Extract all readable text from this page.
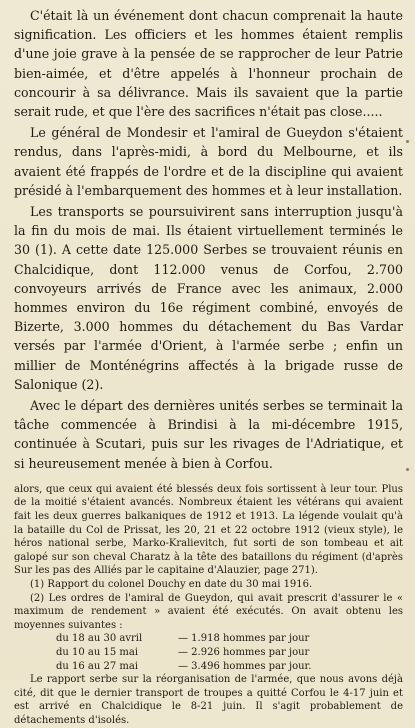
C'était là un événement dont chacun comprenait la haute signification. Les officiers et les hommes étaient remplis d'une joie grave à la pensée de se rapprocher de leur Patrie bien-aimée, et d'être appelés à l'honneur prochain de concourir à sa délivrance. Mais ils savaient que la partie serait rude, et que l'ère des sacrifices n'était pas close.....

Le général de Mondesir et l'amiral de Gueydon s'étaient rendus, dans l'après-midi, à bord du Melbourne, et ils avaient été frappés de l'ordre et de la discipline qui avaient présidé à l'embarquement des hommes et à leur installation.

Les transports se poursuivirent sans interruption jusqu'à la fin du mois de mai. Ils étaient virtuellement terminés le 30 (1). A cette date 125.000 Serbes se trouvaient réunis en Chalcidique, dont 112.000 venus de Corfou, 2.700 convoyeurs arrivés de France avec les animaux, 2.000 hommes environ du 16e régiment combiné, envoyés de Bizerte, 3.000 hommes du détachement du Bas Vardar versés par l'armée d'Orient, à l'armée serbe ; enfin un millier de Monténégrins affectés à la brigade russe de Salonique (2).

Avec le départ des dernières unités serbes se terminait la tâche commencée à Brindisi à la mi-décembre 1915, continuée à Scutari, puis sur les rivages de l'Adriatique, et si heureusement menée à bien à Corfou.

alors, que ceux qui avaient été blessés deux fois sortissent à leur tour. Plus de la moitié s'étaient avancés. Nombreux étaient les vétérans qui avaient fait les deux guerres balkaniques de 1912 et 1913. La légende voulait qu'à la bataille du Col de Prissat, les 20, 21 et 22 octobre 1912 (vieux style), le héros national serbe, Marko-Kralievitch, fut sorti de son tombeau et ait galopé sur son cheval Charatz à la tête des bataillons du régiment (d'après Sur les pas des Alliés par le capitaine d'Alauzier, page 271).

(1) Rapport du colonel Douchy en date du 30 mai 1916.

(2) Les ordres de l'amiral de Gueydon, qui avait prescrit d'assurer le « maximum de rendement » avaient été exécutés. On avait obtenu les moyennes suivantes :

du 18 au 30 avril	— 1.918 hommes par jour
du 10 au 15 mai	— 2.926 hommes par jour
du 16 au 27 mai	— 3.496 hommes par jour.

Le rapport serbe sur la réorganisation de l'armée, que nous avons déjà cité, dit que le dernier transport de troupes a quitté Corfou le 4-17 juin et est arrivé en Chalcidique le 8-21 juin. Il s'agit probablement de détachements d'isolés.
